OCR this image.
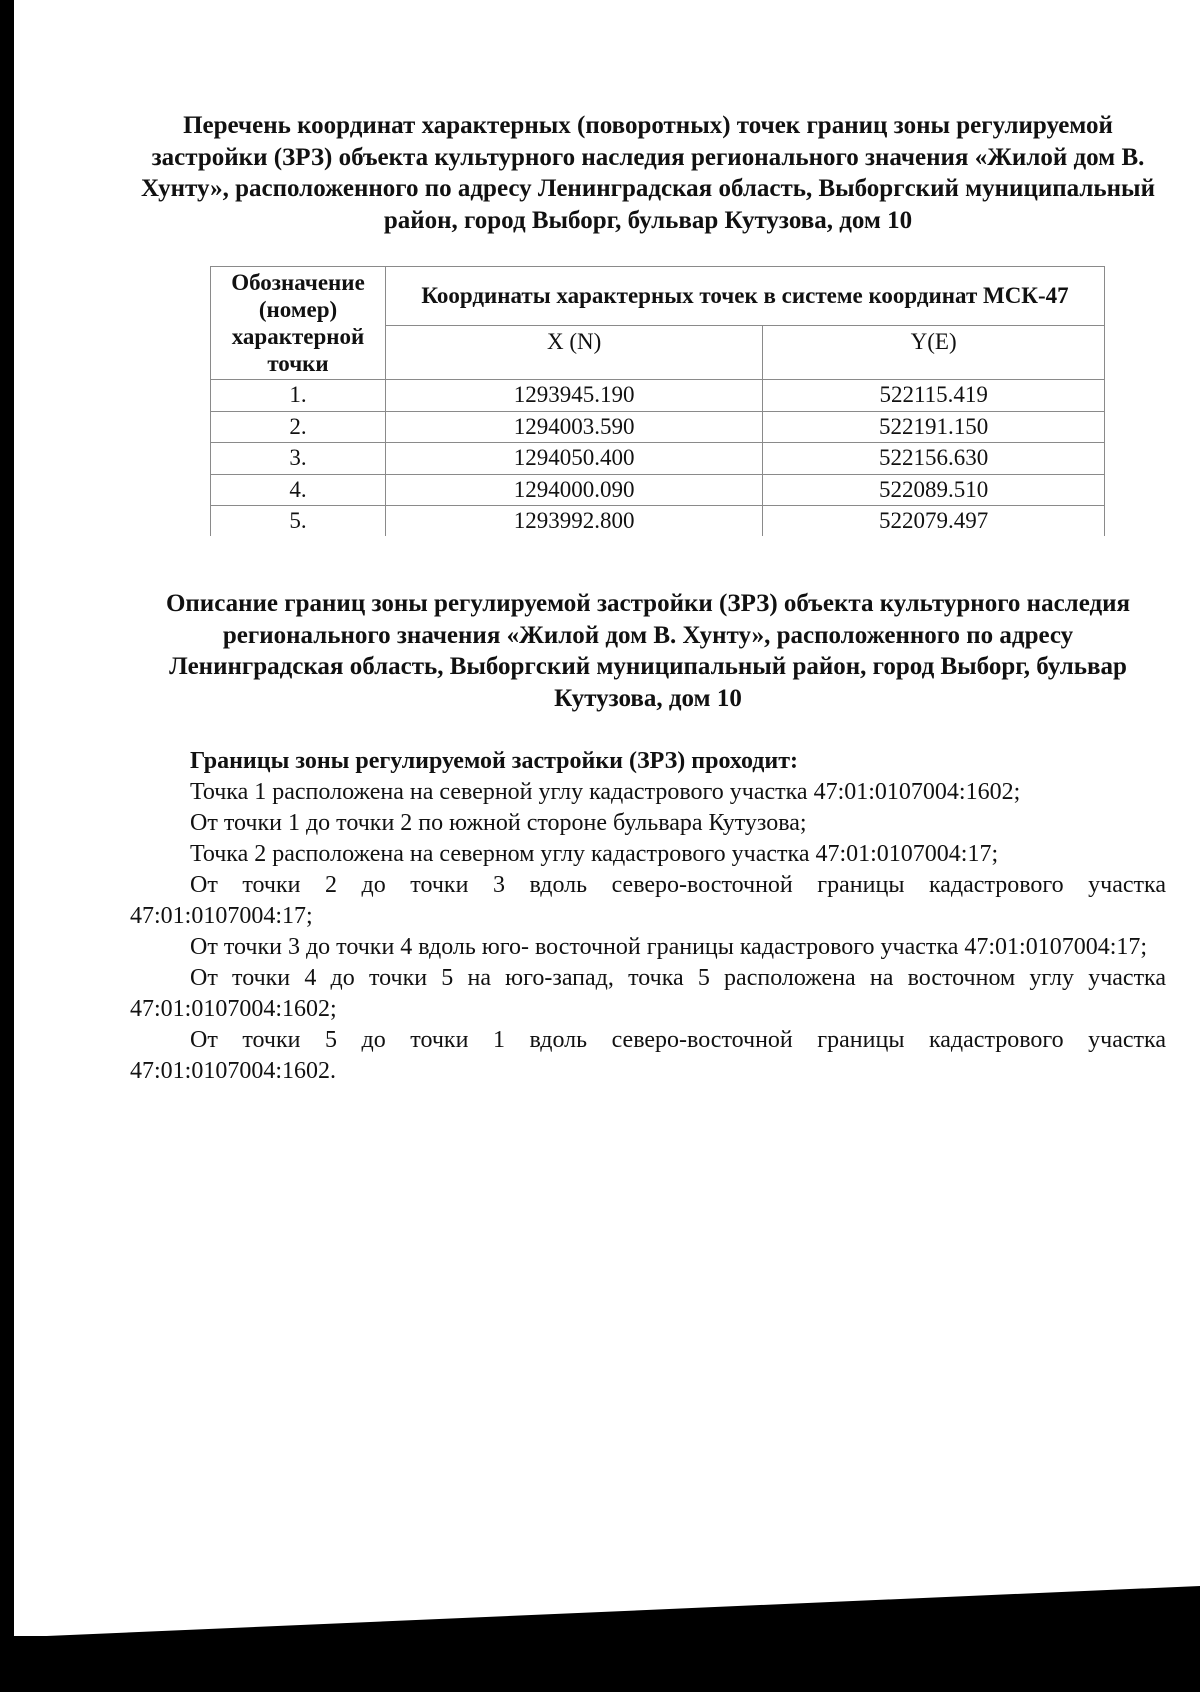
Перечень координат характерных (поворотных) точек границ зоны регулируемой застройки (ЗРЗ) объекта культурного наследия регионального значения «Жилой дом В. Хунту», расположенного по адресу Ленинградская область, Выборгский муниципальный район, город Выборг, бульвар Кутузова, дом 10
Обозначение (номер) характерной точки	Координаты характерных точек в системе координат МСК-47	
	X (N)	Y(E)
1.	1293945.190	522115.419
2.	1294003.590	522191.150
3.	1294050.400	522156.630
4.	1294000.090	522089.510
5.	1293992.800	522079.497
Описание границ зоны регулируемой застройки (ЗРЗ) объекта культурного наследия регионального значения «Жилой дом В. Хунту», расположенного по адресу Ленинградская область, Выборгский муниципальный район, город Выборг, бульвар Кутузова, дом 10

Границы зоны регулируемой застройки (ЗРЗ) проходит:

Точка 1 расположена на северной углу кадастрового участка 47:01:0107004:1602;

От точки 1 до точки 2 по южной стороне бульвара Кутузова;

Точка 2 расположена на северном углу кадастрового участка 47:01:0107004:17;

От точки 2 до точки 3 вдоль северо-восточной границы кадастрового участка 47:01:0107004:17;

От точки 3 до точки 4 вдоль юго- восточной границы кадастрового участка 47:01:0107004:17;

От точки 4 до точки 5 на юго-запад, точка 5 расположена на восточном углу участка 47:01:0107004:1602;

От точки 5 до точки 1 вдоль северо-восточной границы кадастрового участка 47:01:0107004:1602.
